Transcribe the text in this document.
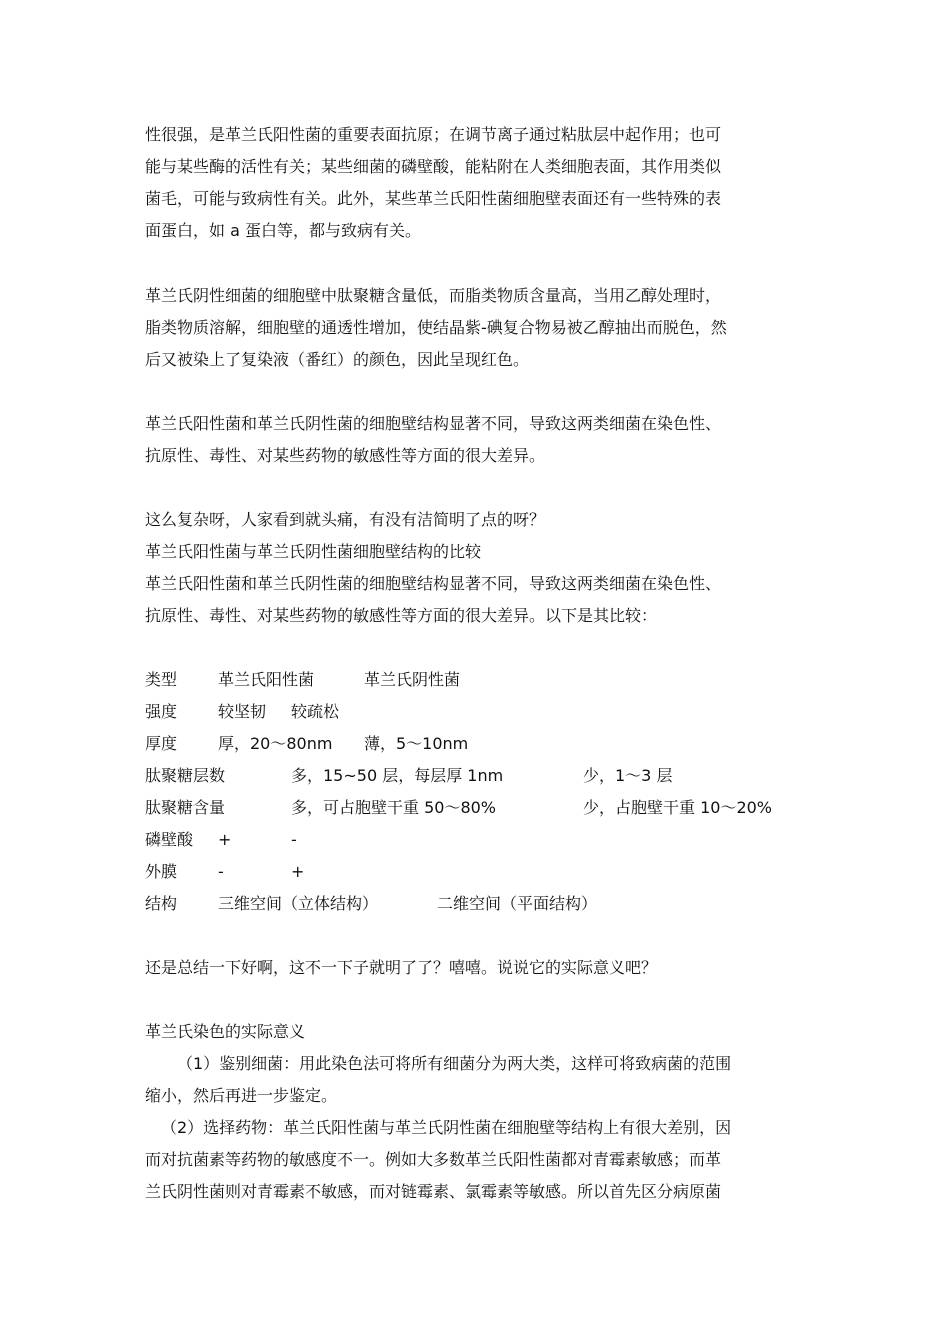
性很强，是革兰氏阳性菌的重要表面抗原；在调节离子通过粘肽层中起作用；也可
能与某些酶的活性有关；某些细菌的磷壁酸，能粘附在人类细胞表面，其作用类似
菌毛，可能与致病性有关。此外，某些革兰氏阳性菌细胞壁表面还有一些特殊的表
面蛋白，如 a 蛋白等，都与致病有关。
革兰氏阴性细菌的细胞壁中肽聚糖含量低，而脂类物质含量高，当用乙醇处理时，
脂类物质溶解，细胞壁的通透性增加，使结晶紫-碘复合物易被乙醇抽出而脱色，然
后又被染上了复染液（番红）的颜色，因此呈现红色。
革兰氏阳性菌和革兰氏阴性菌的细胞壁结构显著不同，导致这两类细菌在染色性、
抗原性、毒性、对某些药物的敏感性等方面的很大差异。
这么复杂呀，人家看到就头痛，有没有洁简明了点的呀？
革兰氏阳性菌与革兰氏阴性菌细胞壁结构的比较
革兰氏阳性菌和革兰氏阴性菌的细胞壁结构显著不同，导致这两类细菌在染色性、
抗原性、毒性、对某些药物的敏感性等方面的很大差异。以下是其比较：
类型	革兰氏阳性菌	革兰氏阴性菌
强度	较坚韧 较疏松
厚度	厚，20～80nm 薄，5～10nm
肽聚糖层数	多，15~50 层，每层厚 1nm	少，1～3 层
肽聚糖含量	多，可占胞壁干重 50～80%	少，占胞壁干重 10～20%
磷壁酸 +	-
外膜	-	+
结构	三维空间（立体结构）	二维空间（平面结构）
还是总结一下好啊，这不一下子就明了了？嘻嘻。说说它的实际意义吧？
革兰氏染色的实际意义
（1）鉴别细菌：用此染色法可将所有细菌分为两大类，这样可将致病菌的范围
缩小，然后再进一步鉴定。
（2）选择药物：革兰氏阳性菌与革兰氏阴性菌在细胞壁等结构上有很大差别，因
而对抗菌素等药物的敏感度不一。例如大多数革兰氏阳性菌都对青霉素敏感；而革
兰氏阴性菌则对青霉素不敏感，而对链霉素、氯霉素等敏感。所以首先区分病原菌
